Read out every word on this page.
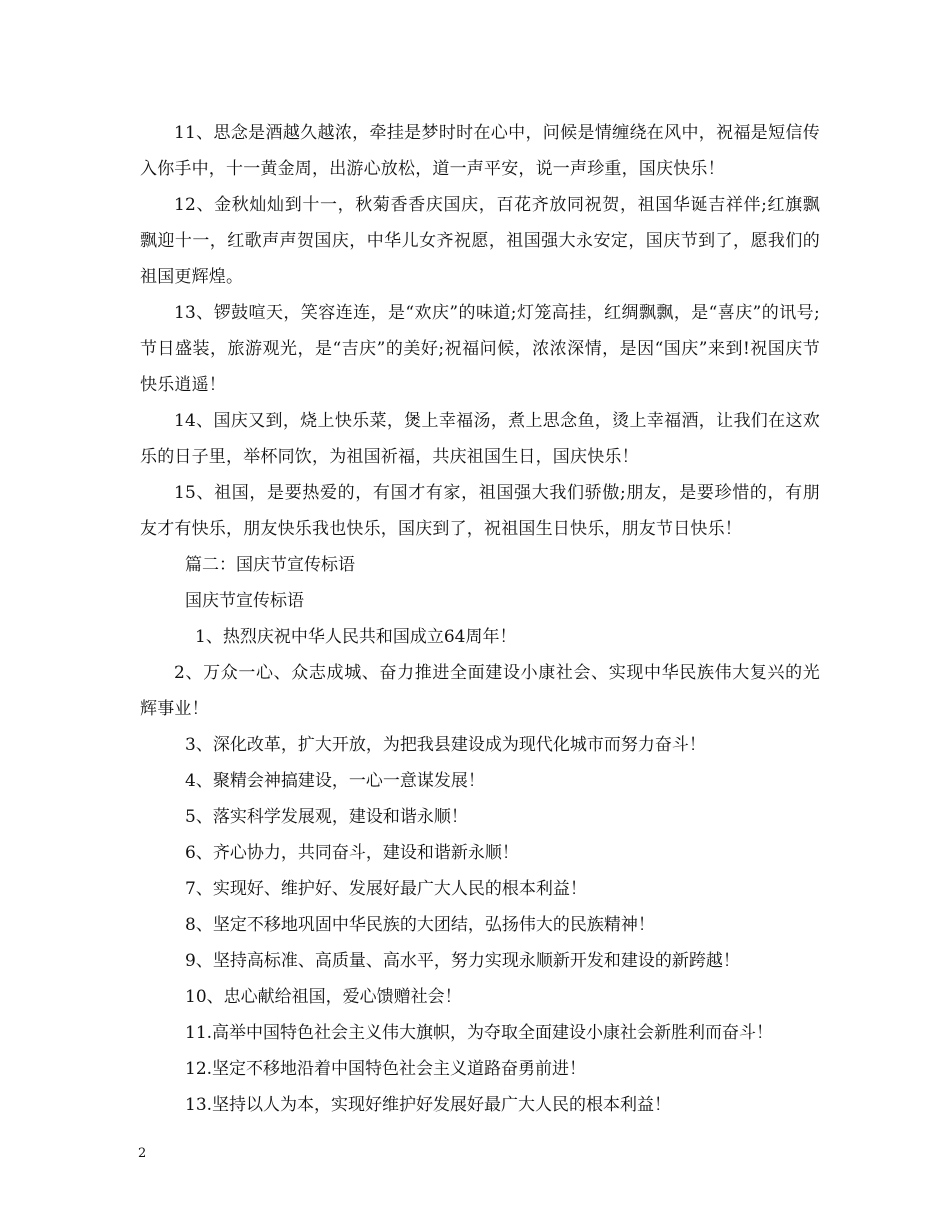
11、思念是酒越久越浓，牵挂是梦时时在心中，问候是情缠绕在风中，祝福是短信传入你手中，十一黄金周，出游心放松，道一声平安，说一声珍重，国庆快乐！

12、金秋灿灿到十一，秋菊香香庆国庆，百花齐放同祝贺，祖国华诞吉祥伴;红旗飘飘迎十一，红歌声声贺国庆，中华儿女齐祝愿，祖国强大永安定，国庆节到了，愿我们的祖国更辉煌。

13、锣鼓喧天，笑容连连，是“欢庆”的味道;灯笼高挂，红绸飘飘，是“喜庆”的讯号;节日盛装，旅游观光，是“吉庆”的美好;祝福问候，浓浓深情，是因“国庆”来到!祝国庆节快乐逍遥！

14、国庆又到，烧上快乐菜，煲上幸福汤，煮上思念鱼，烫上幸福酒，让我们在这欢乐的日子里，举杯同饮，为祖国祈福，共庆祖国生日，国庆快乐！

15、祖国，是要热爱的，有国才有家，祖国强大我们骄傲;朋友，是要珍惜的，有朋友才有快乐，朋友快乐我也快乐，国庆到了，祝祖国生日快乐，朋友节日快乐！

篇二：国庆节宣传标语

国庆节宣传标语

1、热烈庆祝中华人民共和国成立64周年！

2、万众一心、众志成城、奋力推进全面建设小康社会、实现中华民族伟大复兴的光辉事业！

3、深化改革，扩大开放，为把我县建设成为现代化城市而努力奋斗！

4、聚精会神搞建设，一心一意谋发展！

5、落实科学发展观，建设和谐永顺！

6、齐心协力，共同奋斗，建设和谐新永顺！

7、实现好、维护好、发展好最广大人民的根本利益！

8、坚定不移地巩固中华民族的大团结，弘扬伟大的民族精神！

9、坚持高标准、高质量、高水平，努力实现永顺新开发和建设的新跨越！

10、忠心献给祖国，爱心馈赠社会！

11.高举中国特色社会主义伟大旗帜，为夺取全面建设小康社会新胜利而奋斗！

12.坚定不移地沿着中国特色社会主义道路奋勇前进！

13.坚持以人为本，实现好维护好发展好最广大人民的根本利益！

2
